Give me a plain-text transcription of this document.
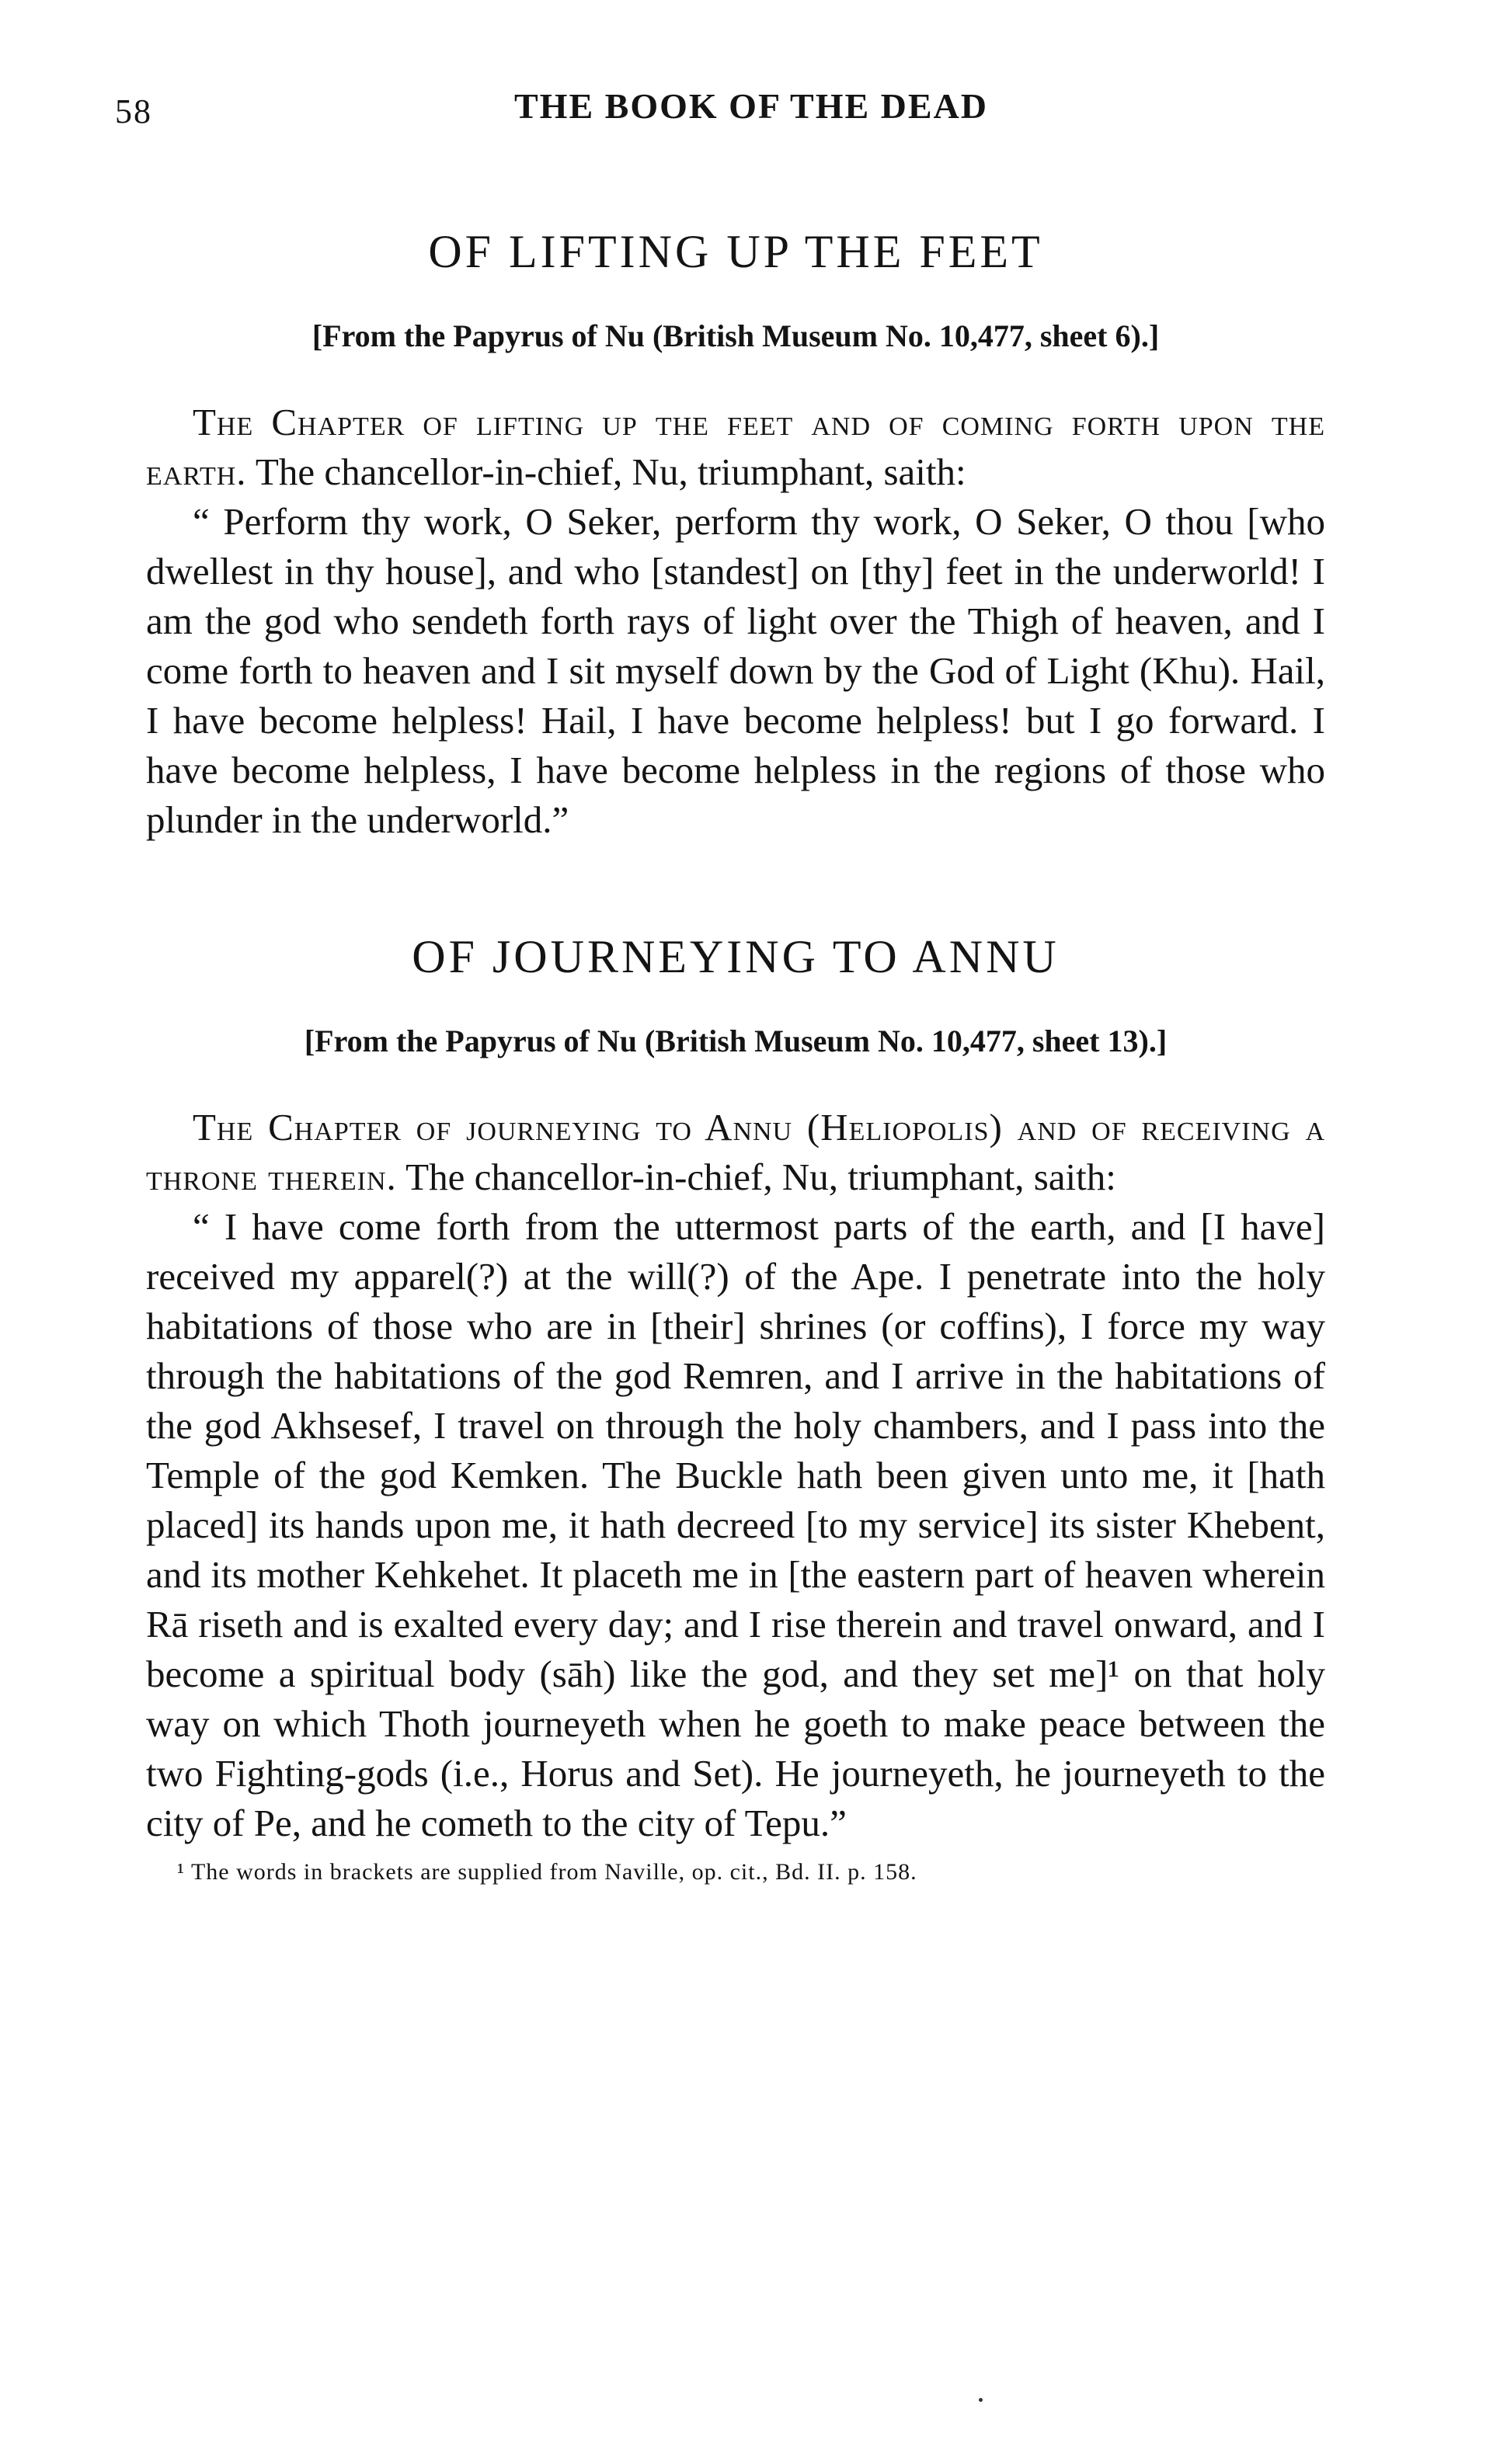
58	THE BOOK OF THE DEAD
OF LIFTING UP THE FEET
[From the Papyrus of Nu (British Museum No. 10,477, sheet 6).]

The Chapter of lifting up the feet and of coming forth upon the earth. The chancellor-in-chief, Nu, triumphant, saith:

“ Perform thy work, O Seker, perform thy work, O Seker, O thou [who dwellest in thy house], and who [standest] on [thy] feet in the underworld! I am the god who sendeth forth rays of light over the Thigh of heaven, and I come forth to heaven and I sit myself down by the God of Light (Khu). Hail, I have become helpless! Hail, I have become helpless! but I go forward. I have become helpless, I have become helpless in the regions of those who plunder in the underworld.”

OF JOURNEYING TO ANNU
[From the Papyrus of Nu (British Museum No. 10,477, sheet 13).]

The Chapter of journeying to Annu (Heliopolis) and of receiving a throne therein. The chancellor-in-chief, Nu, triumphant, saith:

“ I have come forth from the uttermost parts of the earth, and [I have] received my apparel(?) at the will(?) of the Ape. I penetrate into the holy habitations of those who are in [their] shrines (or coffins), I force my way through the habitations of the god Remren, and I arrive in the habitations of the god Akhsesef, I travel on through the holy chambers, and I pass into the Temple of the god Kemken. The Buckle hath been given unto me, it [hath placed] its hands upon me, it hath decreed [to my service] its sister Khebent, and its mother Kehkehet. It placeth me in [the eastern part of heaven wherein Rā riseth and is exalted every day; and I rise therein and travel onward, and I become a spiritual body (sāh) like the god, and they set me]¹ on that holy way on which Thoth journeyeth when he goeth to make peace between the two Fighting-gods (i.e., Horus and Set). He journeyeth, he journeyeth to the city of Pe, and he cometh to the city of Tepu.”

¹ The words in brackets are supplied from Naville, op. cit., Bd. II. p. 158.
